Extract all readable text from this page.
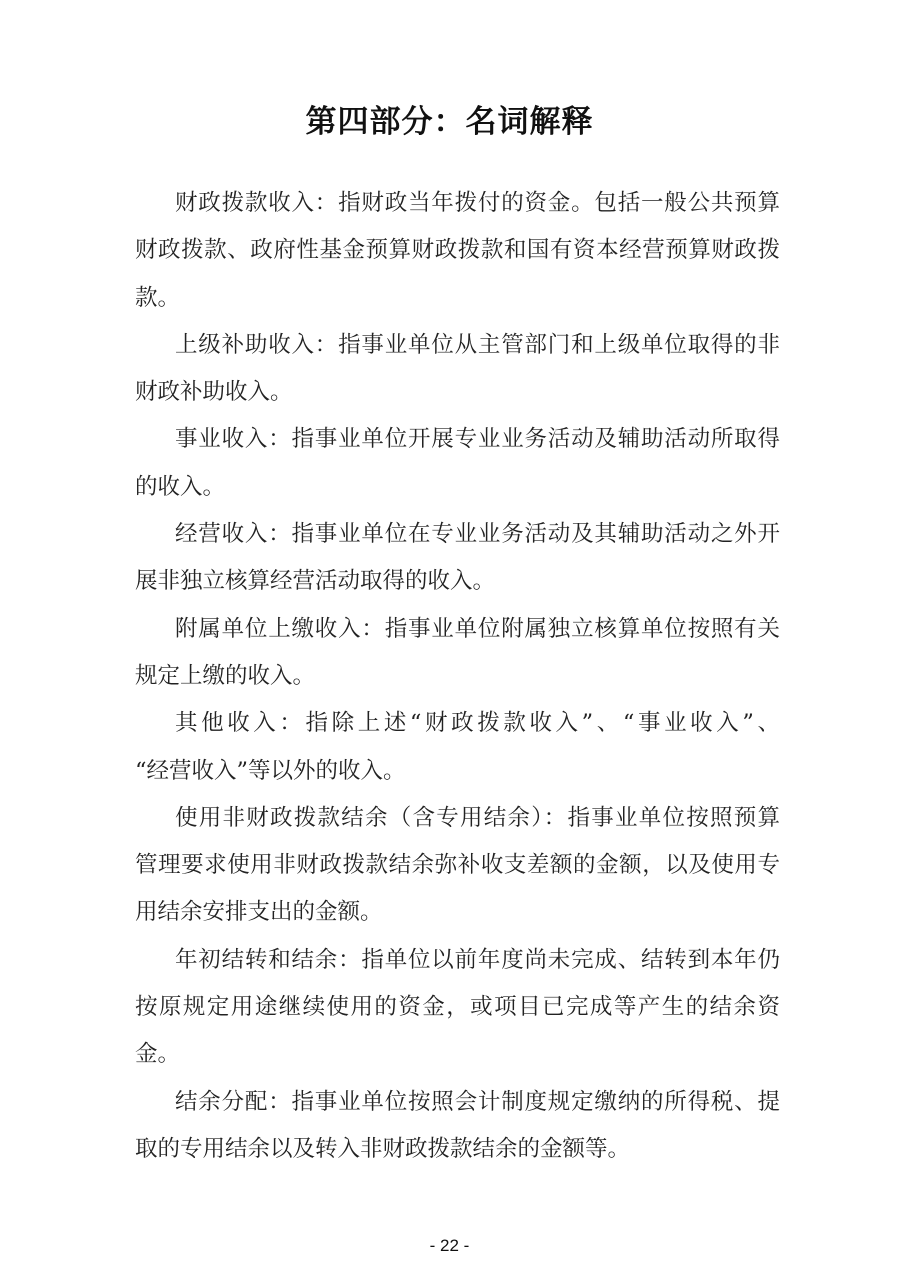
第四部分：名词解释

财政拨款收入：指财政当年拨付的资金。包括一般公共预算
财政拨款、政府性基金预算财政拨款和国有资本经营预算财政拨
款。

上级补助收入：指事业单位从主管部门和上级单位取得的非
财政补助收入。

事业收入：指事业单位开展专业业务活动及辅助活动所取得
的收入。

经营收入：指事业单位在专业业务活动及其辅助活动之外开
展非独立核算经营活动取得的收入。

附属单位上缴收入：指事业单位附属独立核算单位按照有关
规定上缴的收入。

其他收入：指除上述“财政拨款收入”、“事业收入”、
“经营收入”等以外的收入。

使用非财政拨款结余（含专用结余）：指事业单位按照预算
管理要求使用非财政拨款结余弥补收支差额的金额，以及使用专
用结余安排支出的金额。

年初结转和结余：指单位以前年度尚未完成、结转到本年仍
按原规定用途继续使用的资金，或项目已完成等产生的结余资
金。

结余分配：指事业单位按照会计制度规定缴纳的所得税、提
取的专用结余以及转入非财政拨款结余的金额等。

- 22 -
